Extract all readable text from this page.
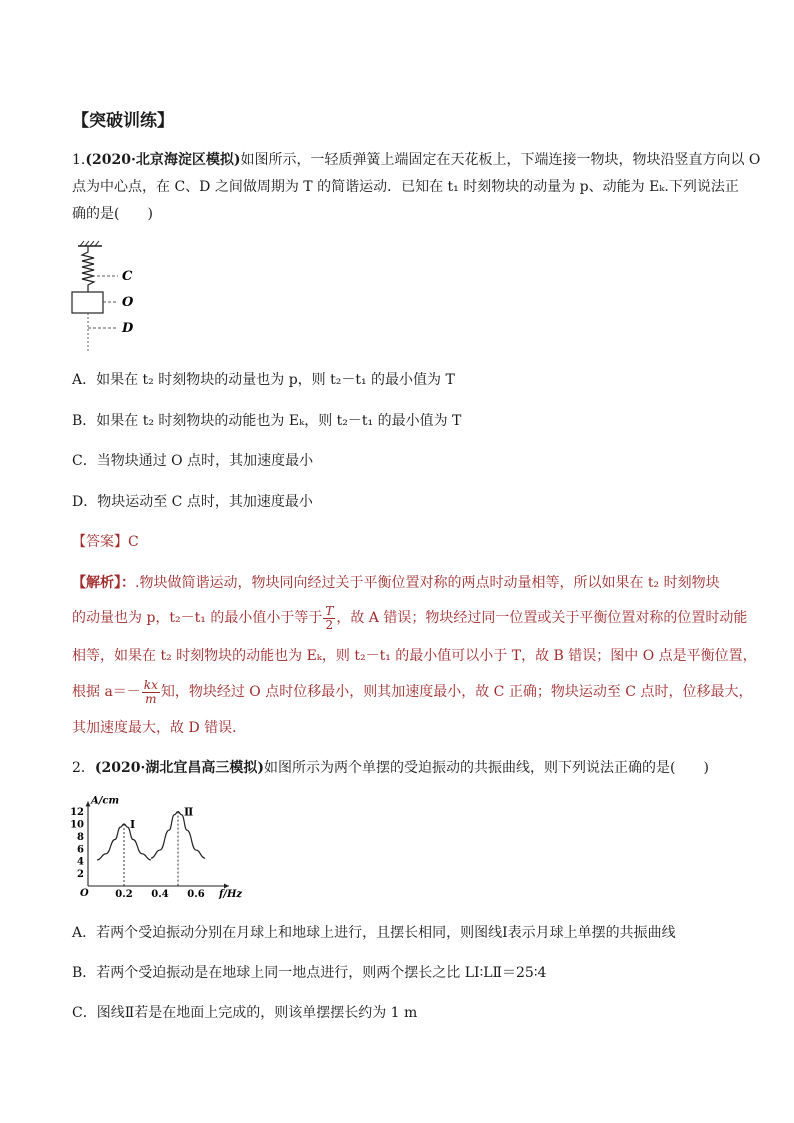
【突破训练】
1.(2020·北京海淀区模拟)如图所示，一轻质弹簧上端固定在天花板上，下端连接一物块，物块沿竖直方向以 O
点为中心点，在 C、D 之间做周期为 T 的简谐运动．已知在 t₁ 时刻物块的动量为 p、动能为 Eₖ.下列说法正
确的是(　　)
C
O
D
A．如果在 t₂ 时刻物块的动量也为 p，则 t₂－t₁ 的最小值为 T
B．如果在 t₂ 时刻物块的动能也为 Eₖ，则 t₂－t₁ 的最小值为 T
C．当物块通过 O 点时，其加速度最小
D．物块运动至 C 点时，其加速度最小
【答案】C
【解析】：.物块做简谐运动，物块同向经过关于平衡位置对称的两点时动量相等，所以如果在 t₂ 时刻物块
的动量也为 p，t₂－t₁ 的最小值小于等于 $\frac{T}{2}$ ，故 A 错误；物块经过同一位置或关于平衡位置对称的位置时动能
相等，如果在 t₂ 时刻物块的动能也为 Eₖ，则 t₂－t₁ 的最小值可以小于 T，故 B 错误；图中 O 点是平衡位置，
根据 $a=- \frac{kx}{m}$ 知，物块经过 O 点时位移最小，则其加速度最小，故 C 正确；物块运动至 C 点时，位移最大，
其加速度最大，故 D 错误．
2．(2020·湖北宜昌高三模拟)如图所示为两个单摆的受迫振动的共振曲线，则下列说法正确的是(　　)
A/cm
f/Hz
O
2
4
6
8
10
12
0.2 0.4 0.6
Ⅰ
Ⅱ
A．若两个受迫振动分别在月球上和地球上进行，且摆长相同，则图线Ⅰ表示月球上单摆的共振曲线
B．若两个受迫振动是在地球上同一地点进行，则两个摆长之比 LⅠ∶LⅡ＝25∶4
C．图线Ⅱ若是在地面上完成的，则该单摆摆长约为 1 m
